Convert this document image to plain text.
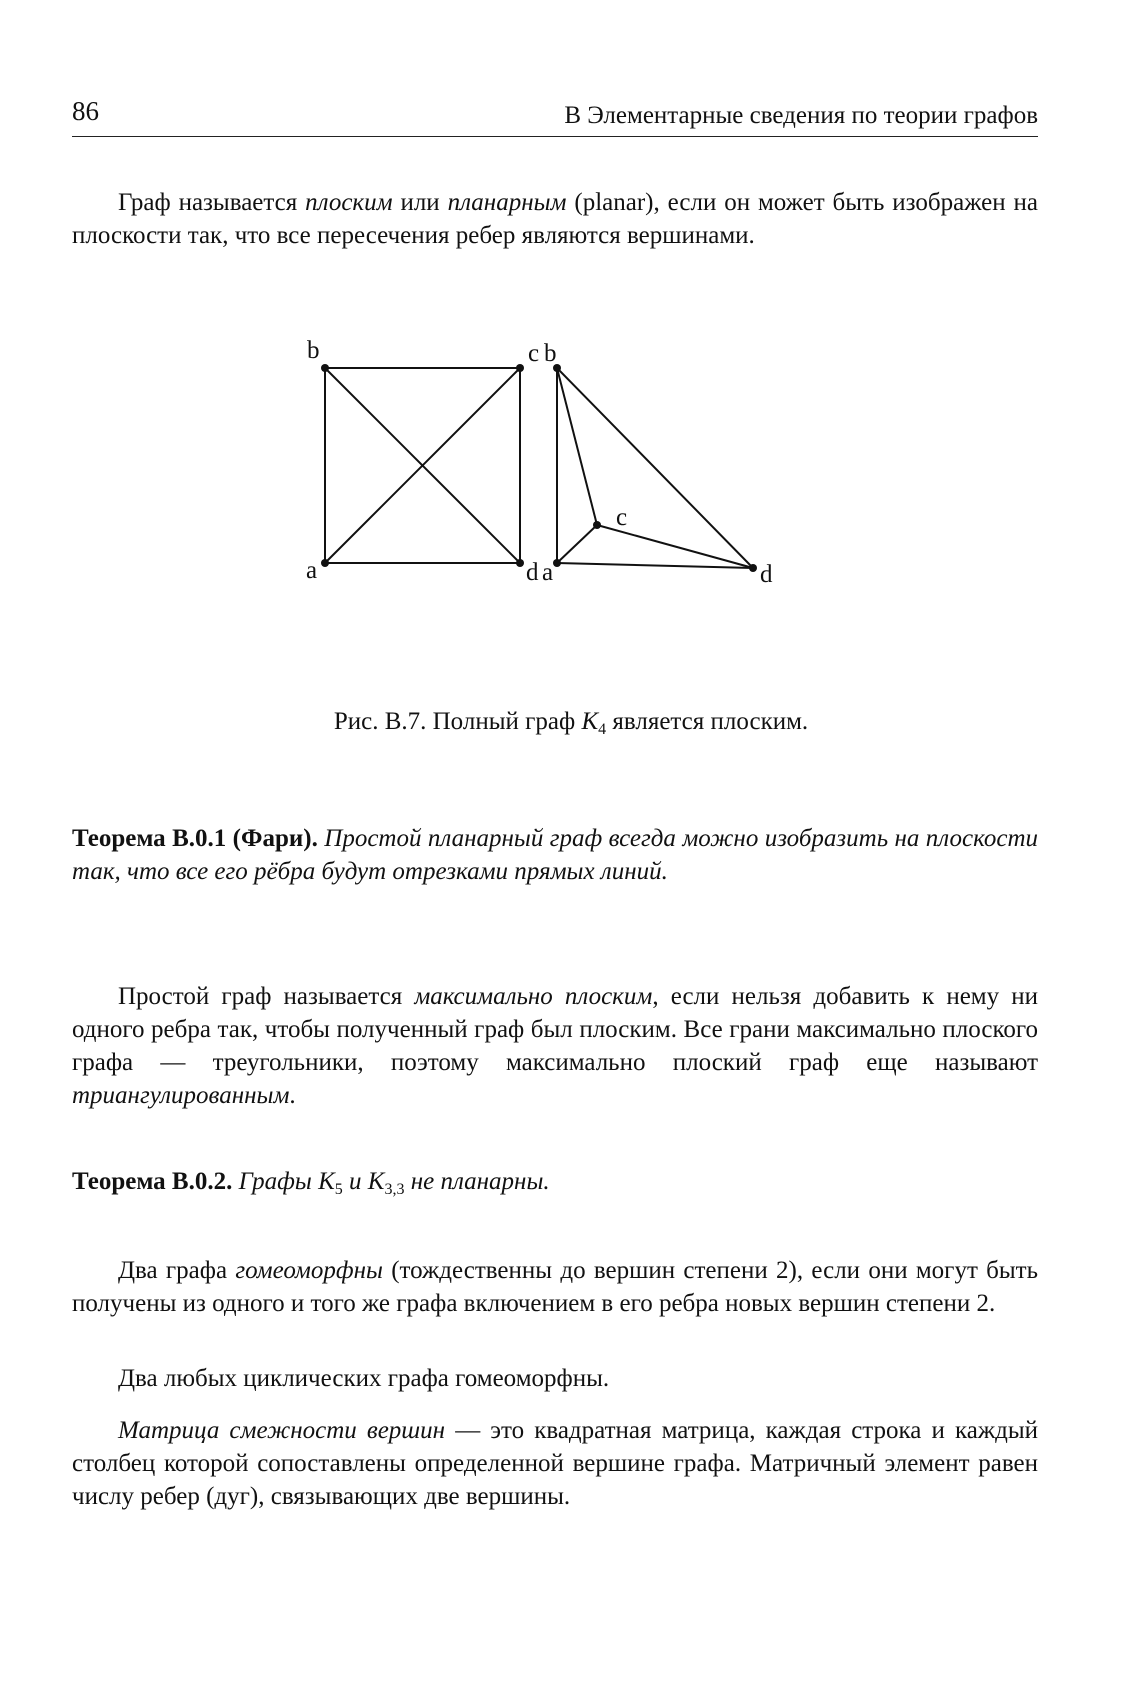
86	В Элементарные сведения по теории графов

Граф называется плоским или планарным (planar), если он может быть изображен на плоскости так, что все пересечения ребер являются вершинами.

b	c
a	d
b
a
c
d
Рис. B.7. Полный граф $K_4$ является плоским.

Теорема B.0.1 (Фари). Простой планарный граф всегда можно изобразить на плоскости так, что все его рёбра будут отрезками прямых линий.

Простой граф называется максимально плоским, если нельзя добавить к нему ни одного ребра так, чтобы полученный граф был плоским. Все грани максимально плоского графа — треугольники, поэтому максимально плоский граф еще называют триангулированным.

Теорема B.0.2. Графы $K_5$ и $K_{3,3}$ не планарны.

Два графа гомеоморфны (тождественны до вершин степени 2), если они могут быть получены из одного и того же графа включением в его ребра новых вершин степени 2.

Два любых циклических графа гомеоморфны.

Матрица смежности вершин — это квадратная матрица, каждая строка и каждый столбец которой сопоставлены определенной вершине графа. Матричный элемент равен числу ребер (дуг), связывающих две вершины.
